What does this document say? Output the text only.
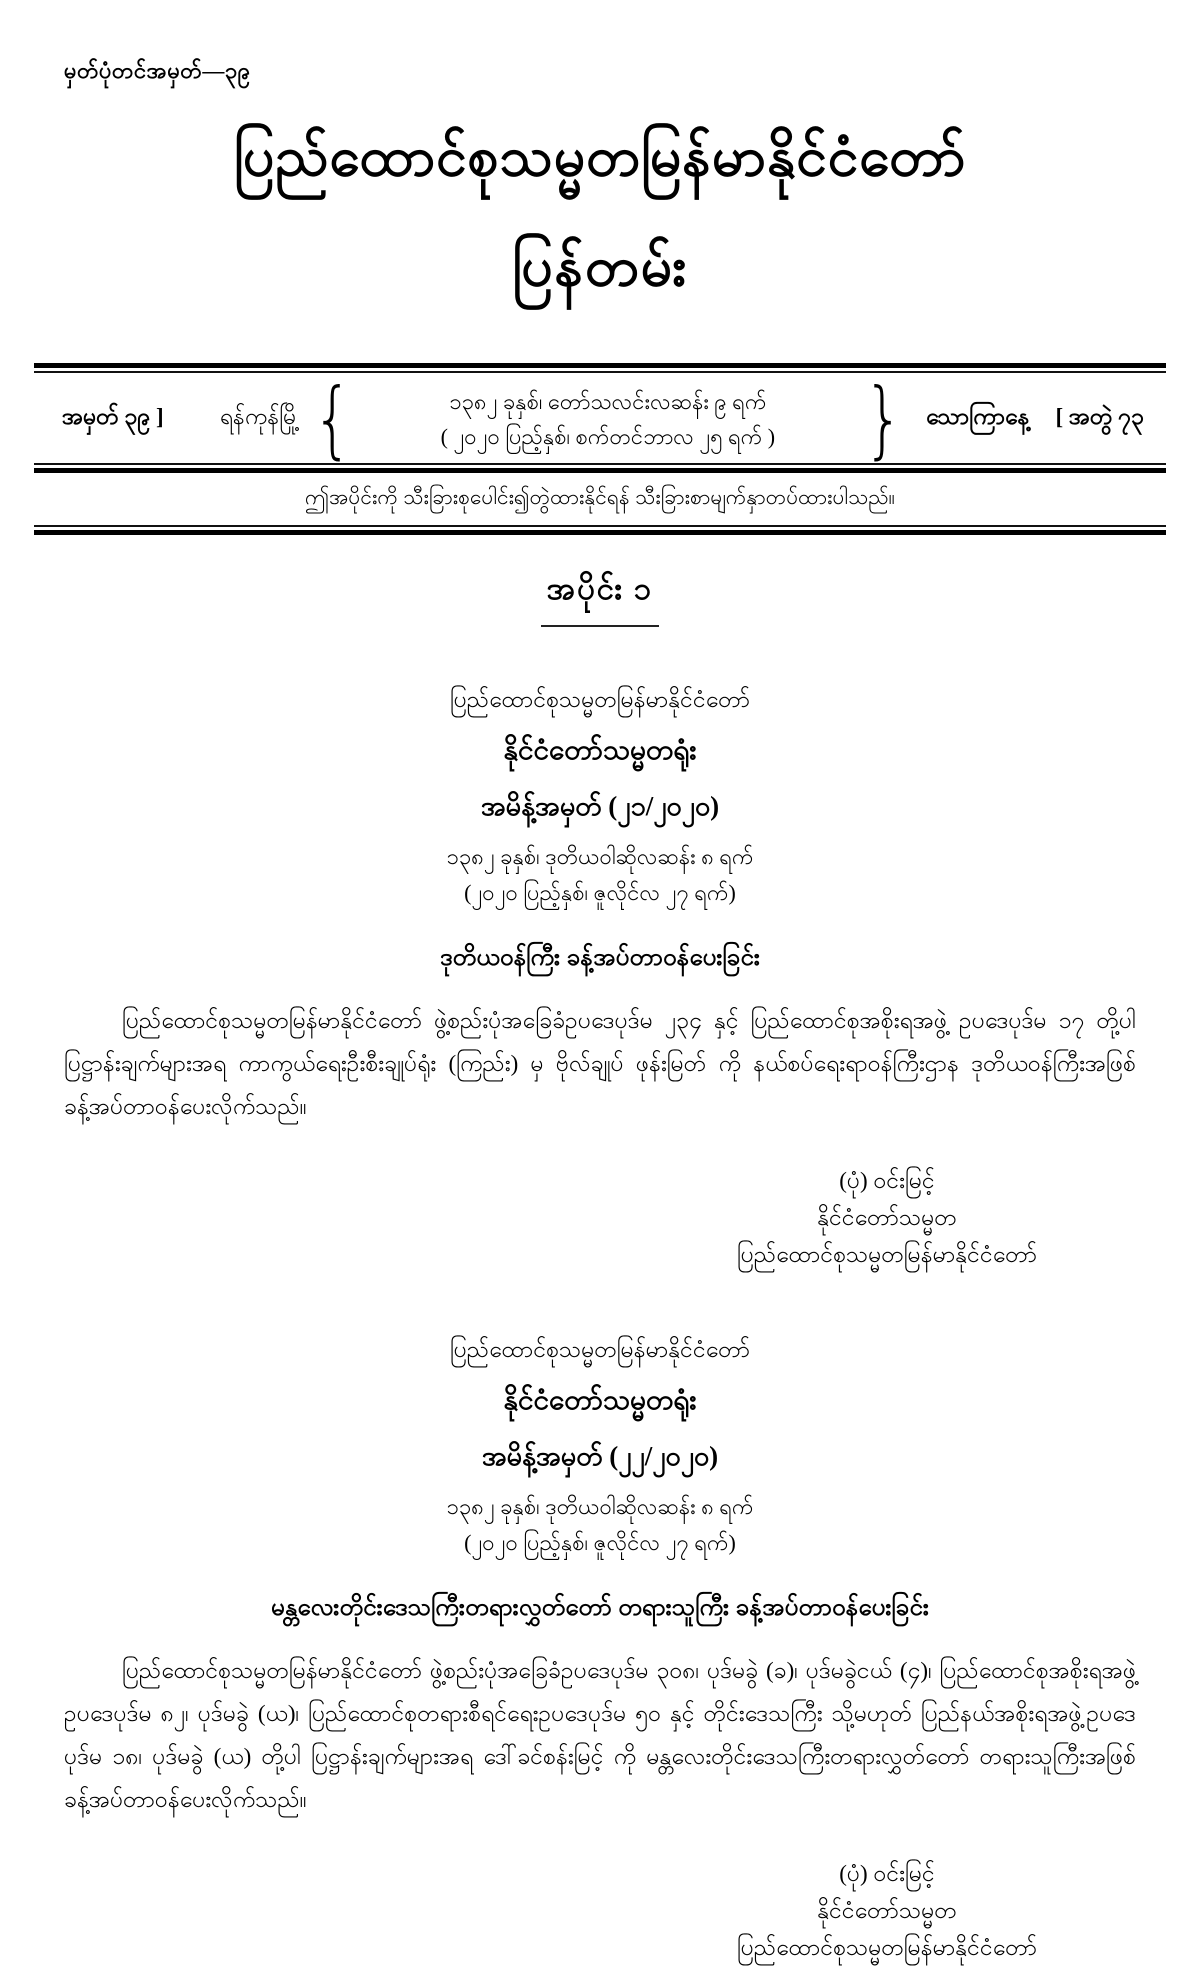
မှတ်ပုံတင်အမှတ်—၃၉
ပြည်ထောင်စုသမ္မတမြန်မာနိုင်ငံတော်
ပြန်တမ်း
အမှတ် ၃၉ ] ရန်ကုန်မြို့ {	၁၃၈၂ ခုနှစ်၊ တော်သလင်းလဆန်း ၉ ရက်
( ၂၀၂၀ ပြည့်နှစ်၊ စက်တင်ဘာလ ၂၅ ရက် ) } သောကြာနေ့ [ အတွဲ ၇၃
ဤအပိုင်းကို သီးခြားစုပေါင်း၍တွဲထားနိုင်ရန် သီးခြားစာမျက်နှာတပ်ထားပါသည်။
အပိုင်း ၁
ပြည်ထောင်စုသမ္မတမြန်မာနိုင်ငံတော်
နိုင်ငံတော်သမ္မတရုံး
အမိန့်အမှတ် (၂၁/၂၀၂၀)
၁၃၈၂ ခုနှစ်၊ ဒုတိယဝါဆိုလဆန်း ၈ ရက်
(၂၀၂၀ ပြည့်နှစ်၊ ဇူလိုင်လ ၂၇ ရက်)
ဒုတိယဝန်ကြီး ခန့်အပ်တာဝန်ပေးခြင်း
ပြည်ထောင်စုသမ္မတမြန်မာနိုင်ငံတော် ဖွဲ့စည်းပုံအခြေခံဥပဒေပုဒ်မ ၂၃၄ နှင့် ပြည်ထောင်စုအစိုးရအဖွဲ့ ဥပဒေပုဒ်မ ၁၇ တို့ပါ ပြဋ္ဌာန်းချက်များအရ ကာကွယ်ရေးဦးစီးချုပ်ရုံး (ကြည်း) မှ ဗိုလ်ချုပ် ဖုန်းမြတ် ကို နယ်စပ်ရေးရာဝန်ကြီးဌာန ဒုတိယဝန်ကြီးအဖြစ် ခန့်အပ်တာဝန်ပေးလိုက်သည်။
(ပုံ) ဝင်းမြင့်
နိုင်ငံတော်သမ္မတ
ပြည်ထောင်စုသမ္မတမြန်မာနိုင်ငံတော်
ပြည်ထောင်စုသမ္မတမြန်မာနိုင်ငံတော်
နိုင်ငံတော်သမ္မတရုံး
အမိန့်အမှတ် (၂၂/၂၀၂၀)
၁၃၈၂ ခုနှစ်၊ ဒုတိယဝါဆိုလဆန်း ၈ ရက်
(၂၀၂၀ ပြည့်နှစ်၊ ဇူလိုင်လ ၂၇ ရက်)
မန္တလေးတိုင်းဒေသကြီးတရားလွှတ်တော် တရားသူကြီး ခန့်အပ်တာဝန်ပေးခြင်း
ပြည်ထောင်စုသမ္မတမြန်မာနိုင်ငံတော် ဖွဲ့စည်းပုံအခြေခံဥပဒေပုဒ်မ ၃၀၈၊ ပုဒ်မခွဲ (ခ)၊ ပုဒ်မခွဲငယ် (၄)၊ ပြည်ထောင်စုအစိုးရအဖွဲ့ ဥပဒေပုဒ်မ ၈၂၊ ပုဒ်မခွဲ (ယ)၊ ပြည်ထောင်စုတရားစီရင်ရေးဥပဒေပုဒ်မ ၅၀ နှင့် တိုင်းဒေသကြီး သို့မဟုတ် ပြည်နယ်အစိုးရအဖွဲ့ဥပဒေပုဒ်မ ၁၈၊ ပုဒ်မခွဲ (ယ) တို့ပါ ပြဋ္ဌာန်းချက်များအရ ဒေါ်ခင်စန်းမြင့် ကို မန္တလေးတိုင်းဒေသကြီးတရားလွှတ်တော် တရားသူကြီးအဖြစ် ခန့်အပ်တာဝန်ပေးလိုက်သည်။
(ပုံ) ဝင်းမြင့်
နိုင်ငံတော်သမ္မတ
ပြည်ထောင်စုသမ္မတမြန်မာနိုင်ငံတော်
